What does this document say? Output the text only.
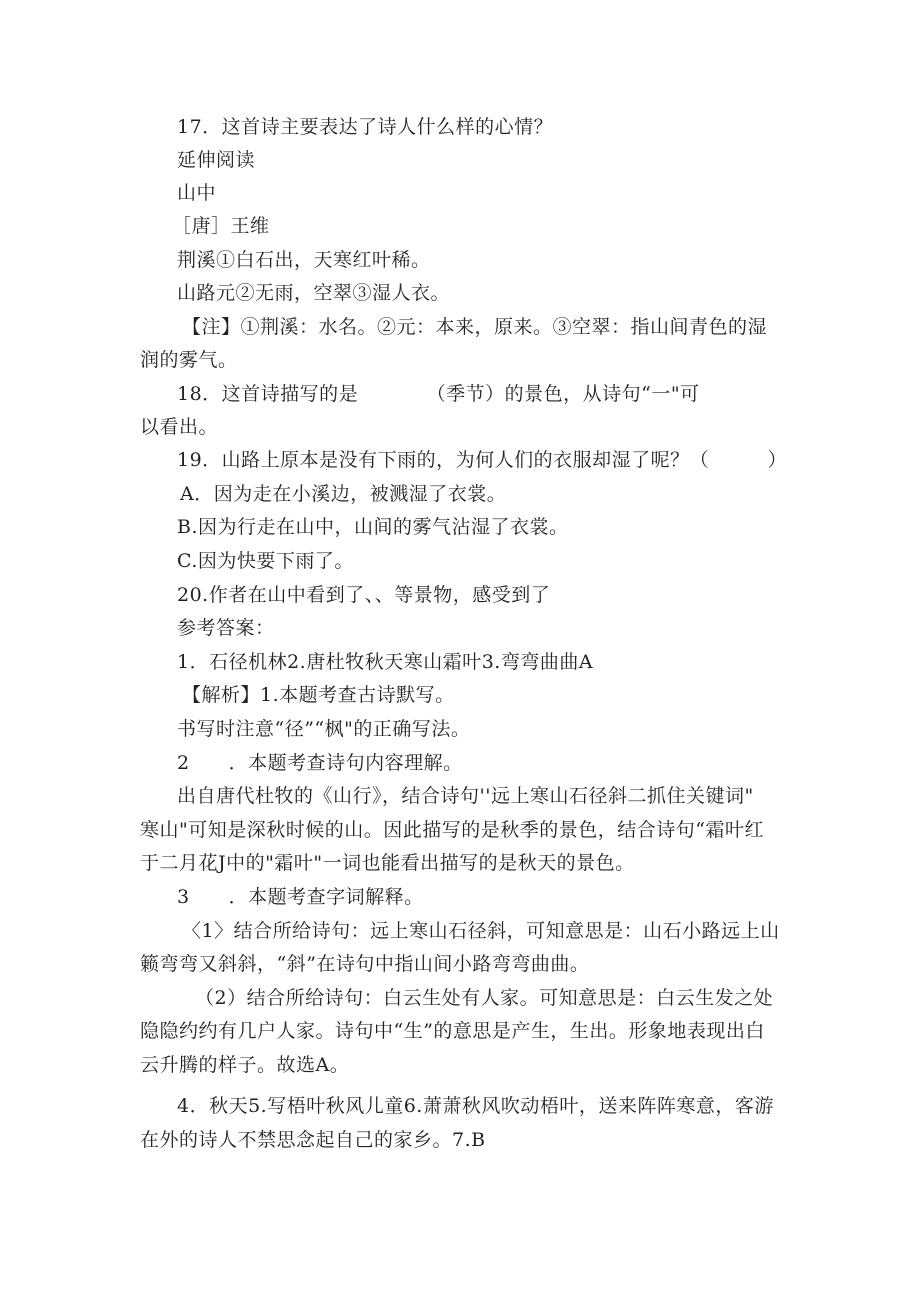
17．这首诗主要表达了诗人什么样的心情？
延伸阅读
山中
［唐］王维
荆溪①白石出，天寒红叶稀。
山路元②无雨，空翠③湿人衣。
【注】①荆溪：水名。②元：本来，原来。③空翠：指山间青色的湿
润的雾气。
18．这首诗描写的是　　　　（季节）的景色，从诗句“一"可
以看出。
19．山路上原本是没有下雨的，为何人们的衣服却湿了呢？（　　　）
A．因为走在小溪边，被溅湿了衣裳。
B.因为行走在山中，山间的雾气沾湿了衣裳。
C.因为快要下雨了。
20.作者在山中看到了、、等景物，感受到了
参考答案：
1．石径机林2.唐杜牧秋天寒山霜叶3.弯弯曲曲A
【解析】1.本题考查古诗默写。
书写时注意“径”“枫"的正确写法。
2　　．本题考查诗句内容理解。
出自唐代杜牧的《山行》，结合诗句''远上寒山石径斜二抓住关键词"
寒山"可知是深秋时候的山。因此描写的是秋季的景色，结合诗句“霜叶红
于二月花J中的"霜叶"一词也能看出描写的是秋天的景色。
3　　．本题考查字词解释。
〈1〉结合所给诗句：远上寒山石径斜，可知意思是：山石小路远上山
籁弯弯又斜斜，“斜”在诗句中指山间小路弯弯曲曲。
（2）结合所给诗句：白云生处有人家。可知意思是：白云生发之处
隐隐约约有几户人家。诗句中“生”的意思是产生，生出。形象地表现出白
云升腾的样子。故选A。
4．秋天5.写梧叶秋风儿童6.萧萧秋风吹动梧叶，送来阵阵寒意，客游
在外的诗人不禁思念起自己的家乡。7.B
